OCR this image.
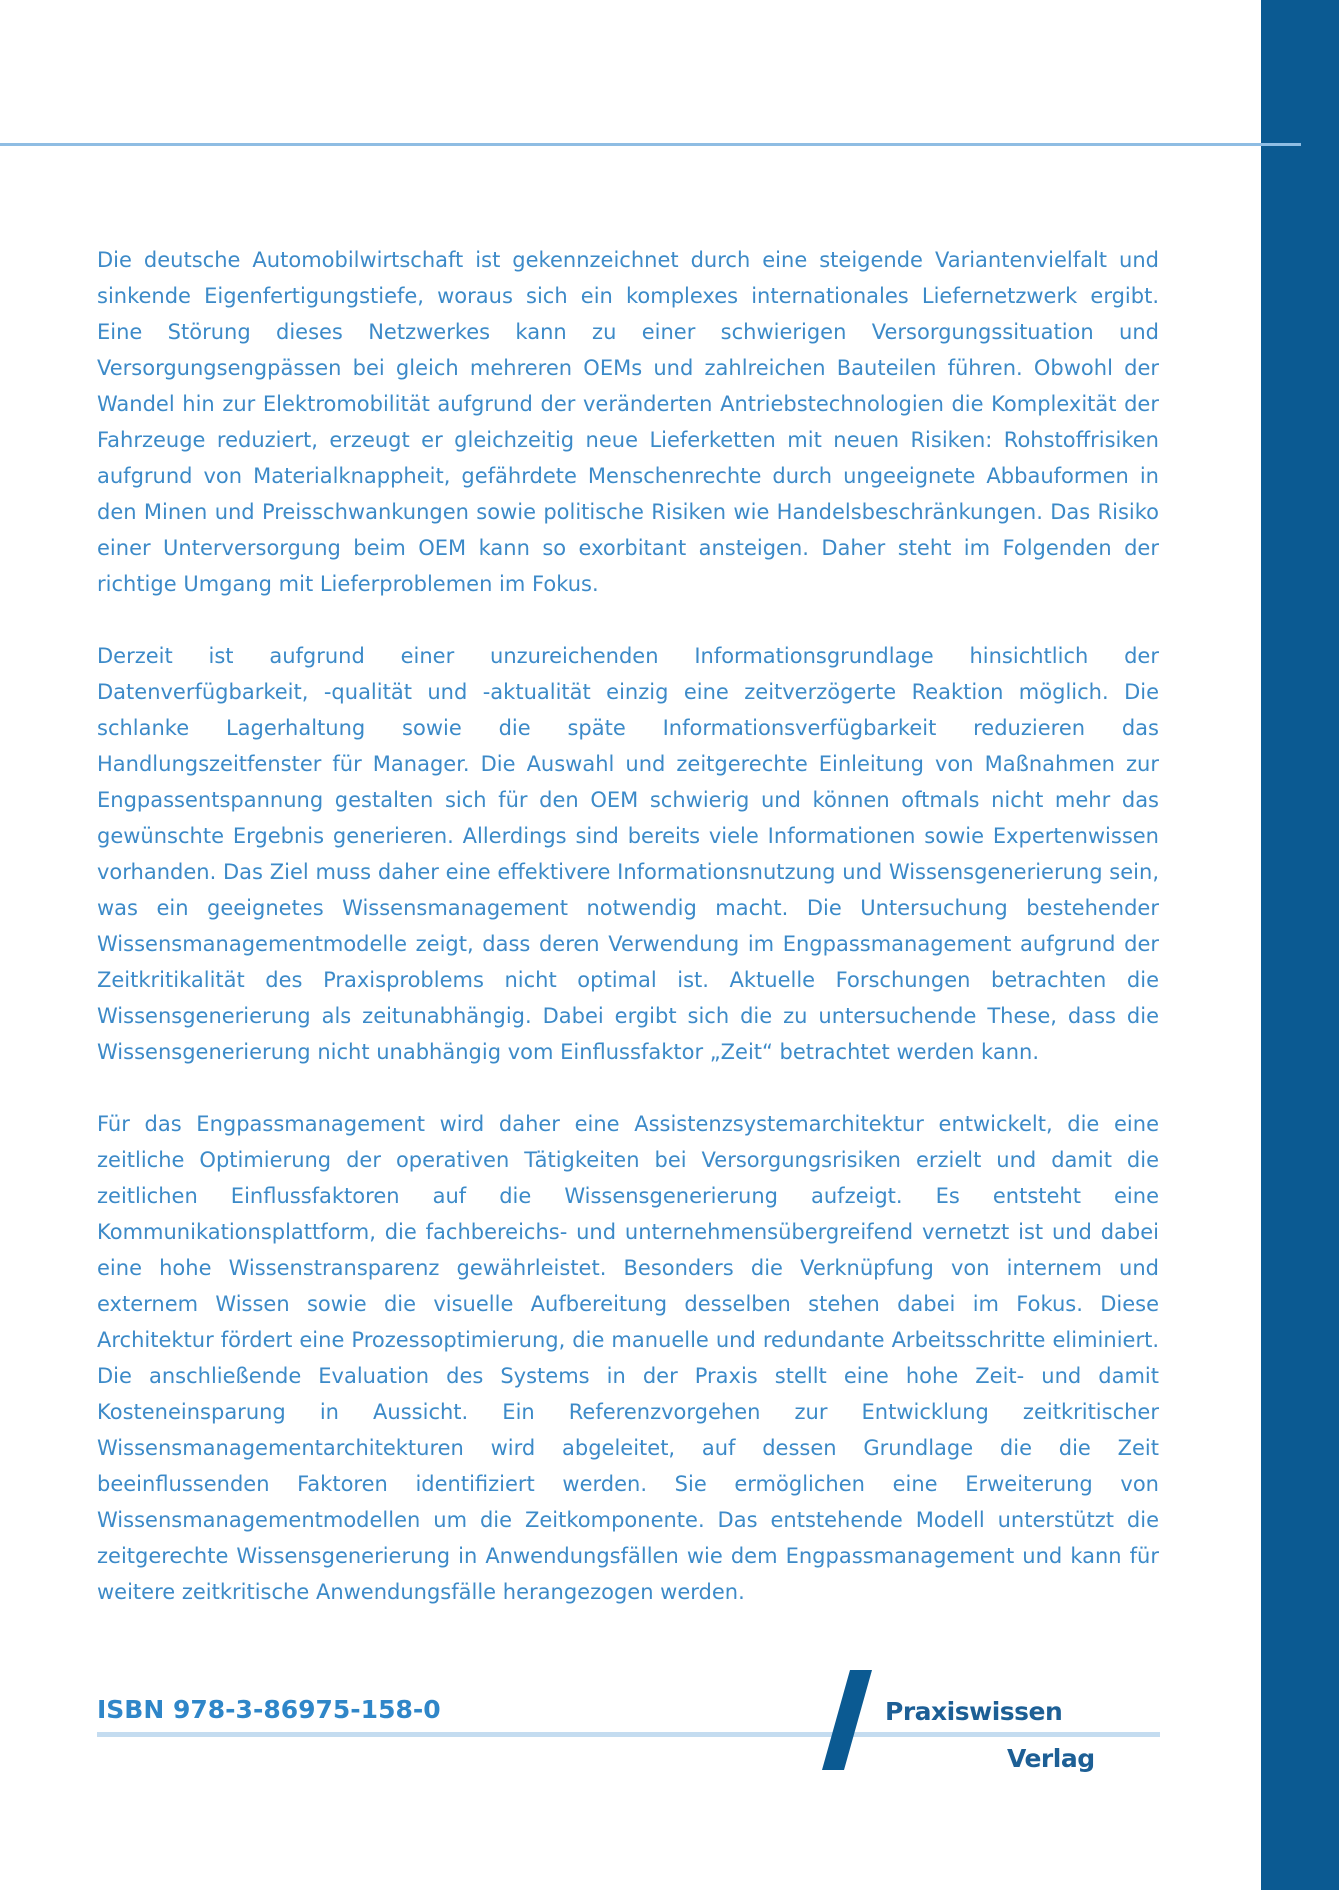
Die deutsche Automobilwirtschaft ist gekennzeichnet durch eine steigende Variantenvielfalt und sinkende Eigenfertigungstiefe, woraus sich ein komplexes internationales Liefernetzwerk ergibt. Eine Störung dieses Netzwerkes kann zu einer schwierigen Versorgungssituation und Versorgungsengpässen bei gleich mehreren OEMs und zahlreichen Bauteilen führen. Obwohl der Wandel hin zur Elektromobilität aufgrund der veränderten Antriebstechnologien die Komplexität der Fahrzeuge reduziert, erzeugt er gleichzeitig neue Lieferketten mit neuen Risiken: Rohstoffrisiken aufgrund von Materialknappheit, gefährdete Menschenrechte durch ungeeignete Abbauformen in den Minen und Preisschwankungen sowie politische Risiken wie Handelsbeschränkungen. Das Risiko einer Unterversorgung beim OEM kann so exorbitant ansteigen. Daher steht im Folgenden der richtige Umgang mit Lieferproblemen im Fokus.

Derzeit ist aufgrund einer unzureichenden Informationsgrundlage hinsichtlich der Datenverfügbarkeit, -qualität und -aktualität einzig eine zeitverzögerte Reaktion möglich. Die schlanke Lagerhaltung sowie die späte Informationsverfügbarkeit reduzieren das Handlungszeitfenster für Manager. Die Auswahl und zeitgerechte Einleitung von Maßnahmen zur Engpassentspannung gestalten sich für den OEM schwierig und können oftmals nicht mehr das gewünschte Ergebnis generieren. Allerdings sind bereits viele Informationen sowie Expertenwissen vorhanden. Das Ziel muss daher eine effektivere Informationsnutzung und Wissensgenerierung sein, was ein geeignetes Wissensmanagement notwendig macht. Die Untersuchung bestehender Wissensmanagementmodelle zeigt, dass deren Verwendung im Engpassmanagement aufgrund der Zeitkritikalität des Praxisproblems nicht optimal ist. Aktuelle Forschungen betrachten die Wissensgenerierung als zeitunabhängig. Dabei ergibt sich die zu untersuchende These, dass die Wissensgenerierung nicht unabhängig vom Einflussfaktor „Zeit“ betrachtet werden kann.

Für das Engpassmanagement wird daher eine Assistenzsystemarchitektur entwickelt, die eine zeitliche Optimierung der operativen Tätigkeiten bei Versorgungsrisiken erzielt und damit die zeitlichen Einflussfaktoren auf die Wissensgenerierung aufzeigt. Es entsteht eine Kommunikationsplattform, die fachbereichs- und unternehmensübergreifend vernetzt ist und dabei eine hohe Wissenstransparenz gewährleistet. Besonders die Verknüpfung von internem und externem Wissen sowie die visuelle Aufbereitung desselben stehen dabei im Fokus. Diese Architektur fördert eine Prozessoptimierung, die manuelle und redundante Arbeitsschritte eliminiert. Die anschließende Evaluation des Systems in der Praxis stellt eine hohe Zeit- und damit Kosteneinsparung in Aussicht. Ein Referenzvorgehen zur Entwicklung zeitkritischer Wissensmanagementarchitekturen wird abgeleitet, auf dessen Grundlage die die Zeit beeinflussenden Faktoren identifiziert werden. Sie ermöglichen eine Erweiterung von Wissensmanagementmodellen um die Zeitkomponente. Das entstehende Modell unterstützt die zeitgerechte Wissensgenerierung in Anwendungsfällen wie dem Engpassmanagement und kann für weitere zeitkritische Anwendungsfälle herangezogen werden.

ISBN 978-3-86975-158-0	Praxiswissen
Verlag
